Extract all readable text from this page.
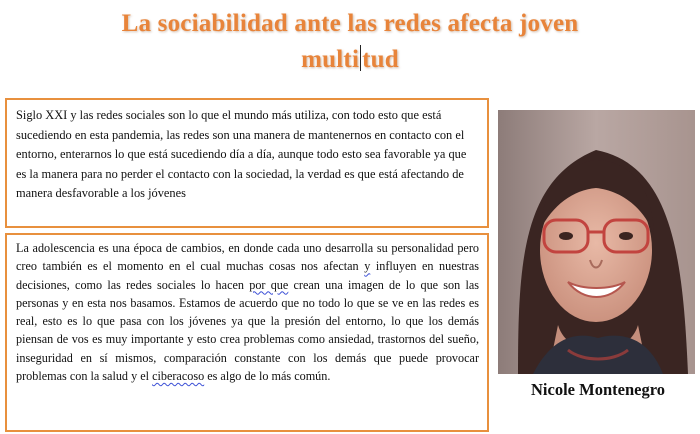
La sociabilidad ante las redes afecta joven
multi tud

Siglo XXI y las redes sociales son lo que el mundo más utiliza, con todo esto que está sucediendo en esta pandemia, las redes son una manera de mantenernos en contacto con el entorno, enterarnos lo que está sucediendo día a día, aunque todo esto sea favorable ya que es la manera para no perder el contacto con la sociedad, la verdad es que está afectando de manera desfavorable a los jóvenes

La adolescencia es una época de cambios, en donde cada uno desarrolla su personalidad pero creo también es el momento en el cual muchas cosas nos afectan y influyen en nuestras decisiones, como las redes sociales lo hacen por que crean una imagen de lo que son las personas y en esta nos basamos. Estamos de acuerdo que no todo lo que se ve en las redes es real, esto es lo que pasa con los jóvenes ya que la presión del entorno, lo que los demás piensan de vos es muy importante y esto crea problemas como ansiedad, trastornos del sueño, inseguridad en sí mismos, comparación constante con los demás que puede provocar problemas con la salud y el ciberacoso es algo de lo más común.

Nicole Montenegro
